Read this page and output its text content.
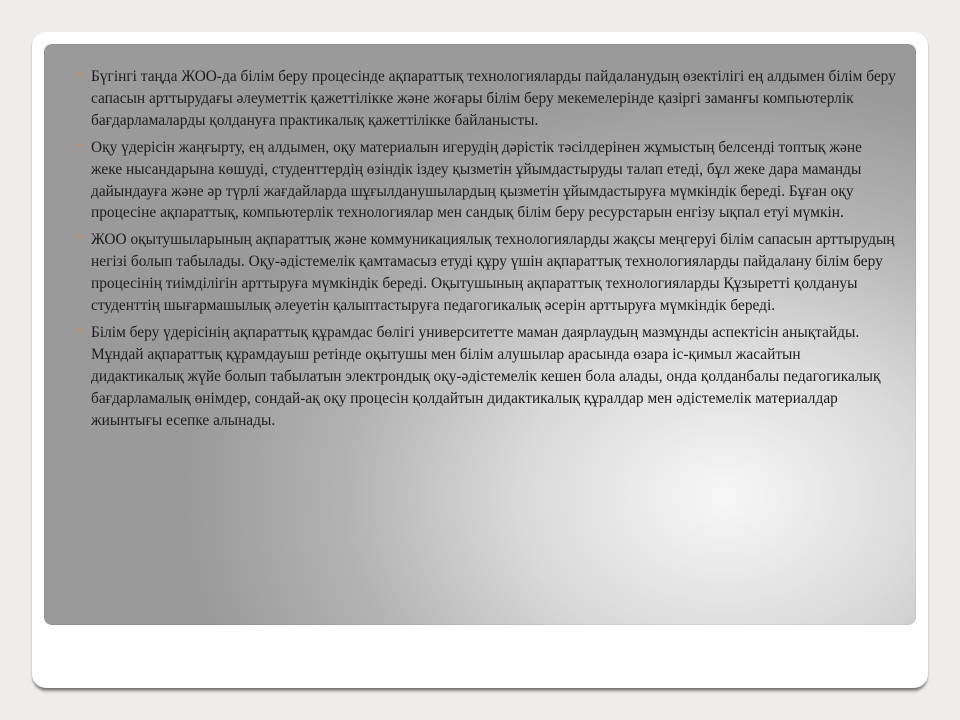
• Бүгінгі таңда ЖОО-да білім беру процесінде ақпараттық технологияларды пайдаланудың өзектілігі ең алдымен білім беру сапасын арттырудағы әлеуметтік қажеттілікке және жоғары білім беру мекемелерінде қазіргі заманғы компьютерлік бағдарламаларды қолдануға практикалық қажеттілікке байланысты.
• Оқу үдерісін жаңғырту, ең алдымен, оқу материалын игерудің дәрістік тәсілдерінен жұмыстың белсенді топтық және жеке нысандарына көшуді, студенттердің өзіндік іздеу қызметін ұйымдастыруды талап етеді, бұл жеке дара маманды дайындауға және әр түрлі жағдайларда шұғылданушылардың қызметін ұйымдастыруға мүмкіндік береді. Бұған оқу процесіне ақпараттық, компьютерлік технологиялар мен сандық білім беру ресурстарын енгізу ықпал етуі мүмкін.
• ЖОО оқытушыларының ақпараттық және коммуникациялық технологияларды жақсы меңгеруі білім сапасын арттырудың негізі болып табылады. Оқу-әдістемелік қамтамасыз етуді құру үшін ақпараттық технологияларды пайдалану білім беру процесінің тиімділігін арттыруға мүмкіндік береді. Оқытушының ақпараттық технологияларды Құзыретті қолдануы студенттің шығармашылық әлеуетін қалыптастыруға педагогикалық әсерін арттыруға мүмкіндік береді.
• Білім беру үдерісінің ақпараттық құрамдас бөлігі университетте маман даярлаудың мазмұнды аспектісін анықтайды. Мұндай ақпараттық құрамдауыш ретінде оқытушы мен білім алушылар арасында өзара іс-қимыл жасайтын дидактикалық жүйе болып табылатын электрондық оқу-әдістемелік кешен бола алады, онда қолданбалы педагогикалық бағдарламалық өнімдер, сондай-ақ оқу процесін қолдайтын дидактикалық құралдар мен әдістемелік материалдар жиынтығы есепке алынады.
